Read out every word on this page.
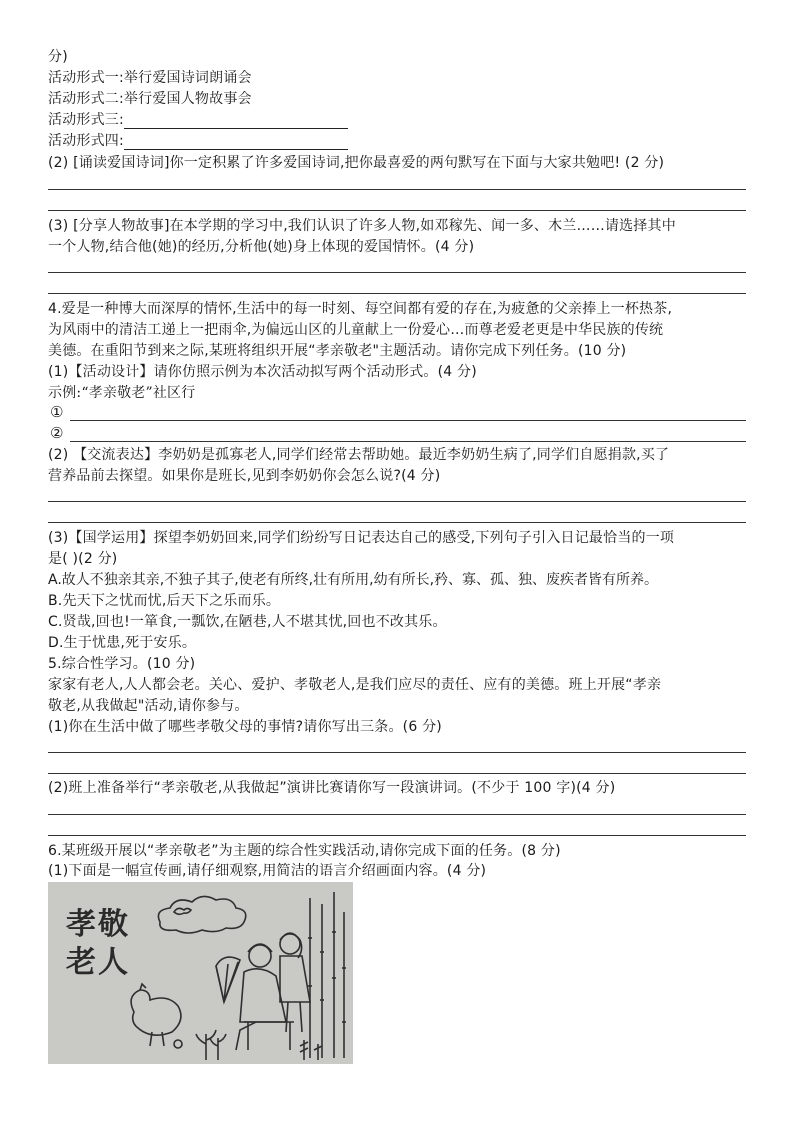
分)
活动形式一:举行爱国诗词朗诵会
活动形式二:举行爱国人物故事会
活动形式三:
活动形式四:
(2) [诵读爱国诗词]你一定积累了许多爱国诗词,把你最喜爱的两句默写在下面与大家共勉吧! (2 分)
(3) [分享人物故事]在本学期的学习中,我们认识了许多人物,如邓稼先、闻一多、木兰……请选择其中
一个人物,结合他(她)的经历,分析他(她)身上体现的爱国情怀。(4 分)
4.爱是一种博大而深厚的情怀,生活中的每一时刻、每空间都有爱的存在,为疲惫的父亲捧上一杯热茶,
为风雨中的清洁工递上一把雨伞,为偏远山区的儿童献上一份爱心…而尊老爱老更是中华民族的传统
美德。在重阳节到来之际,某班将组织开展“孝亲敬老"主题活动。请你完成下列任务。(10 分)
(1)【活动设计】请你仿照示例为本次活动拟写两个活动形式。(4 分)
示例:“孝亲敬老”社区行
①
②
(2) 【交流表达】李奶奶是孤寡老人,同学们经常去帮助她。最近李奶奶生病了,同学们自愿捐款,买了
营养品前去探望。如果你是班长,见到李奶奶你会怎么说?(4 分)
(3)【国学运用】探望李奶奶回来,同学们纷纷写日记表达自己的感受,下列句子引入日记最恰当的一项
是( )(2 分)
A.故人不独亲其亲,不独子其子,使老有所终,壮有所用,幼有所长,矜、寡、孤、独、废疾者皆有所养。
B.先天下之忧而忧,后天下之乐而乐。
C.贤哉,回也!一箪食,一瓢饮,在陋巷,人不堪其忧,回也不改其乐。
D.生于忧患,死于安乐。
5.综合性学习。(10 分)
家家有老人,人人都会老。关心、爱护、孝敬老人,是我们应尽的责任、应有的美德。班上开展“孝亲
敬老,从我做起"活动,请你参与。
(1)你在生活中做了哪些孝敬父母的事情?请你写出三条。(6 分)
(2)班上准备举行“孝亲敬老,从我做起”演讲比赛请你写一段演讲词。(不少于 100 字)(4 分)
6.某班级开展以“孝亲敬老”为主题的综合性实践活动,请你完成下面的任务。(8 分)
(1)下面是一幅宣传画,请仔细观察,用简洁的语言介绍画面内容。(4 分)
孝敬
老人
